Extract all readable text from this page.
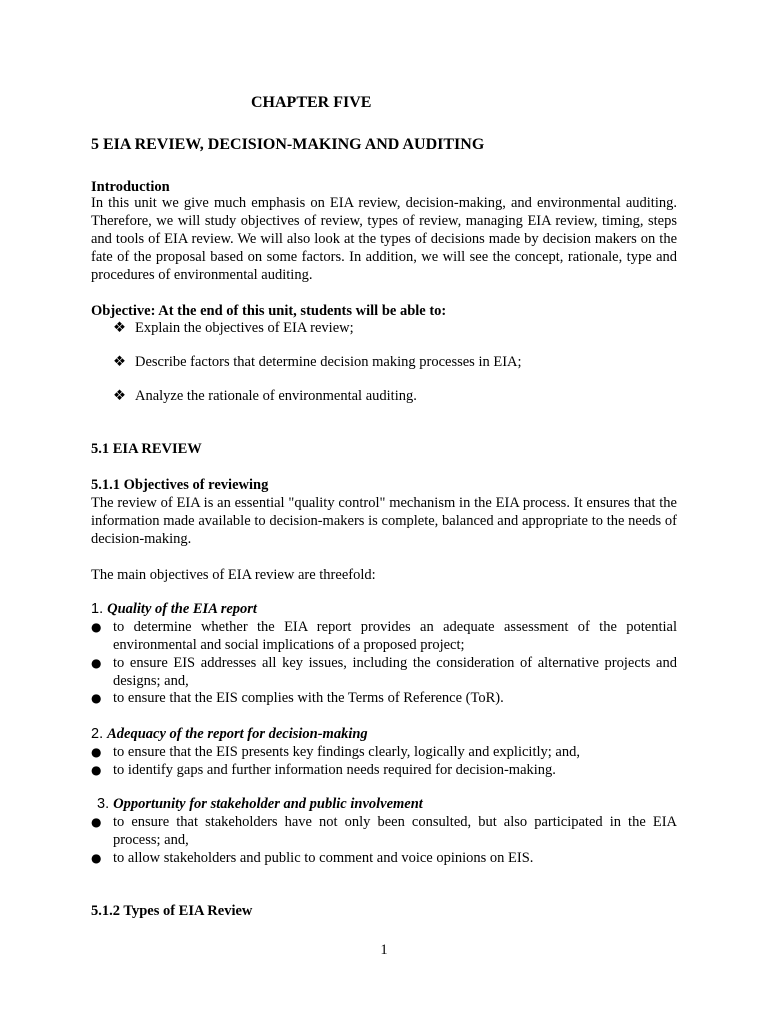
CHAPTER FIVE

5 EIA REVIEW, DECISION-MAKING AND AUDITING

Introduction

In this unit we give much emphasis on EIA review, decision-making, and environmental auditing. Therefore, we will study objectives of review, types of review, managing EIA review, timing, steps and tools of EIA review. We will also look at the types of decisions made by decision makers on the fate of the proposal based on some factors. In addition, we will see the concept, rationale, type and procedures of environmental auditing.

Objective: At the end of this unit, students will be able to:

❖ Explain the objectives of EIA review;
❖ Describe factors that determine decision making processes in EIA;
❖ Analyze the rationale of environmental auditing.

5.1 EIA REVIEW

5.1.1 Objectives of reviewing

The review of EIA is an essential "quality control" mechanism in the EIA process. It ensures that the information made available to decision-makers is complete, balanced and appropriate to the needs of decision-making.

The main objectives of EIA review are threefold:

1. Quality of the EIA report

● to determine whether the EIA report provides an adequate assessment of the potential environmental and social implications of a proposed project;
● to ensure EIS addresses all key issues, including the consideration of alternative projects and designs; and,
● to ensure that the EIS complies with the Terms of Reference (ToR).

2. Adequacy of the report for decision-making

● to ensure that the EIS presents key findings clearly, logically and explicitly; and,
● to identify gaps and further information needs required for decision-making.

3. Opportunity for stakeholder and public involvement

● to ensure that stakeholders have not only been consulted, but also participated in the EIA process; and,
● to allow stakeholders and public to comment and voice opinions on EIS.

5.1.2 Types of EIA Review

1
